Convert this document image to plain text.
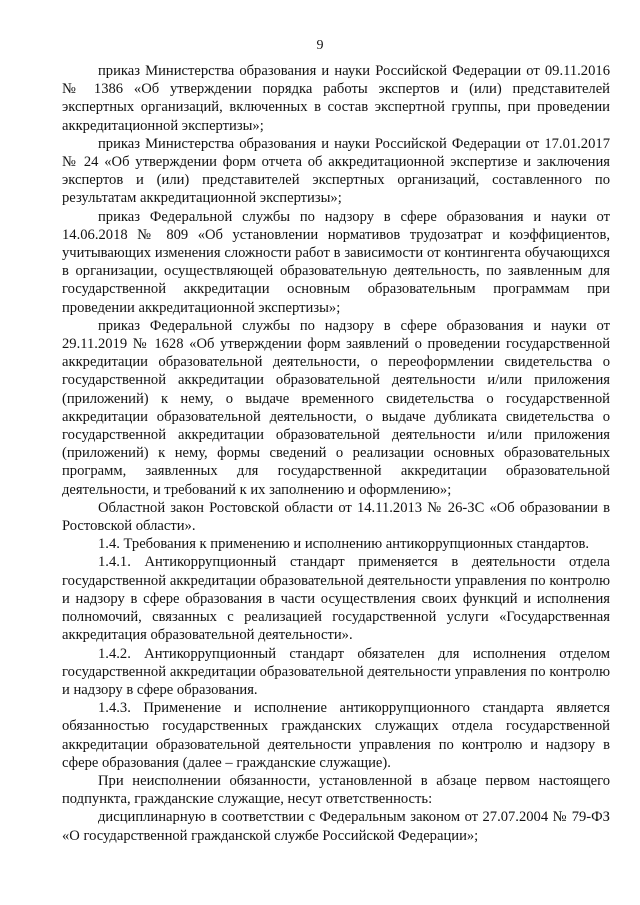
9

приказ Министерства образования и науки Российской Федерации от 09.11.2016 № 1386 «Об утверждении порядка работы экспертов и (или) представителей экспертных организаций, включенных в состав экспертной группы, при проведении аккредитационной экспертизы»;

приказ Министерства образования и науки Российской Федерации от 17.01.2017 № 24 «Об утверждении форм отчета об аккредитационной экспертизе и заключения экспертов и (или) представителей экспертных организаций, составленного по результатам аккредитационной экспертизы»;

приказ Федеральной службы по надзору в сфере образования и науки от 14.06.2018 № 809 «Об установлении нормативов трудозатрат и коэффициентов, учитывающих изменения сложности работ в зависимости от контингента обучающихся в организации, осуществляющей образовательную деятельность, по заявленным для государственной аккредитации основным образовательным программам при проведении аккредитационной экспертизы»;

приказ Федеральной службы по надзору в сфере образования и науки от 29.11.2019 № 1628 «Об утверждении форм заявлений о проведении государственной аккредитации образовательной деятельности, о переоформлении свидетельства о государственной аккредитации образовательной деятельности и/или приложения (приложений) к нему, о выдаче временного свидетельства о государственной аккредитации образовательной деятельности, о выдаче дубликата свидетельства о государственной аккредитации образовательной деятельности и/или приложения (приложений) к нему, формы сведений о реализации основных образовательных программ, заявленных для государственной аккредитации образовательной деятельности, и требований к их заполнению и оформлению»;

Областной закон Ростовской области от 14.11.2013 № 26-ЗС «Об образовании в Ростовской области».

1.4. Требования к применению и исполнению антикоррупционных стандартов.

1.4.1. Антикоррупционный стандарт применяется в деятельности отдела государственной аккредитации образовательной деятельности управления по контролю и надзору в сфере образования в части осуществления своих функций и исполнения полномочий, связанных с реализацией государственной услуги «Государственная аккредитация образовательной деятельности».

1.4.2. Антикоррупционный стандарт обязателен для исполнения отделом государственной аккредитации образовательной деятельности управления по контролю и надзору в сфере образования.

1.4.3. Применение и исполнение антикоррупционного стандарта является обязанностью государственных гражданских служащих отдела государственной аккредитации образовательной деятельности управления по контролю и надзору в сфере образования (далее – гражданские служащие).

При неисполнении обязанности, установленной в абзаце первом настоящего подпункта, гражданские служащие, несут ответственность:

дисциплинарную в соответствии с Федеральным законом от 27.07.2004 № 79-ФЗ «О государственной гражданской службе Российской Федерации»;
